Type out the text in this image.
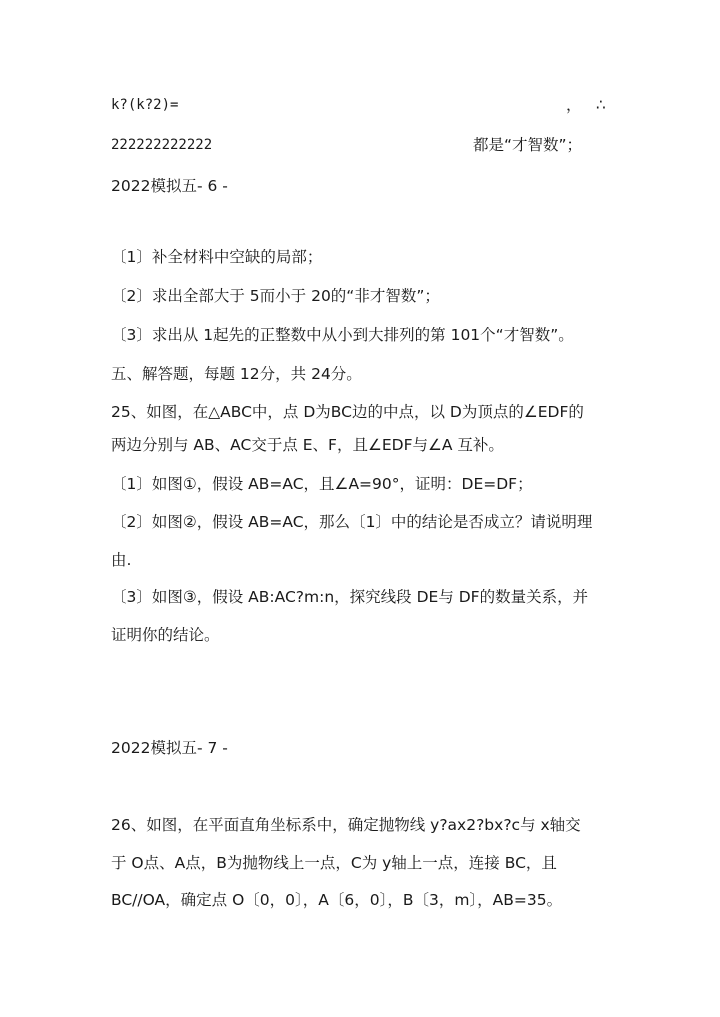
k?(k?2)=	， ∴
222222222222	都是“才智数”；
2022模拟五- 6 -
〔1〕补全材料中空缺的局部；
〔2〕求出全部大于 5而小于 20的“非才智数”；
〔3〕求出从 1起先的正整数中从小到大排列的第 101个“才智数”。
五、解答题，每题 12分，共 24分。
25、如图，在△ABC中，点 D为BC边的中点，以 D为顶点的∠EDF的
两边分别与 AB、AC交于点 E、F，且∠EDF与∠A 互补。
〔1〕如图①，假设 AB=AC，且∠A=90°，证明：DE=DF；
〔2〕如图②，假设 AB=AC，那么〔1〕中的结论是否成立？请说明理
由.
〔3〕如图③，假设 AB:AC?m:n，探究线段 DE与 DF的数量关系，并
证明你的结论。
2022模拟五- 7 -
26、如图，在平面直角坐标系中，确定抛物线 y?ax2?bx?c与 x轴交
于 O点、A点，B为抛物线上一点，C为 y轴上一点，连接 BC，且
BC//OA，确定点 O〔0，0〕，A〔6，0〕，B〔3，m〕，AB=35。
